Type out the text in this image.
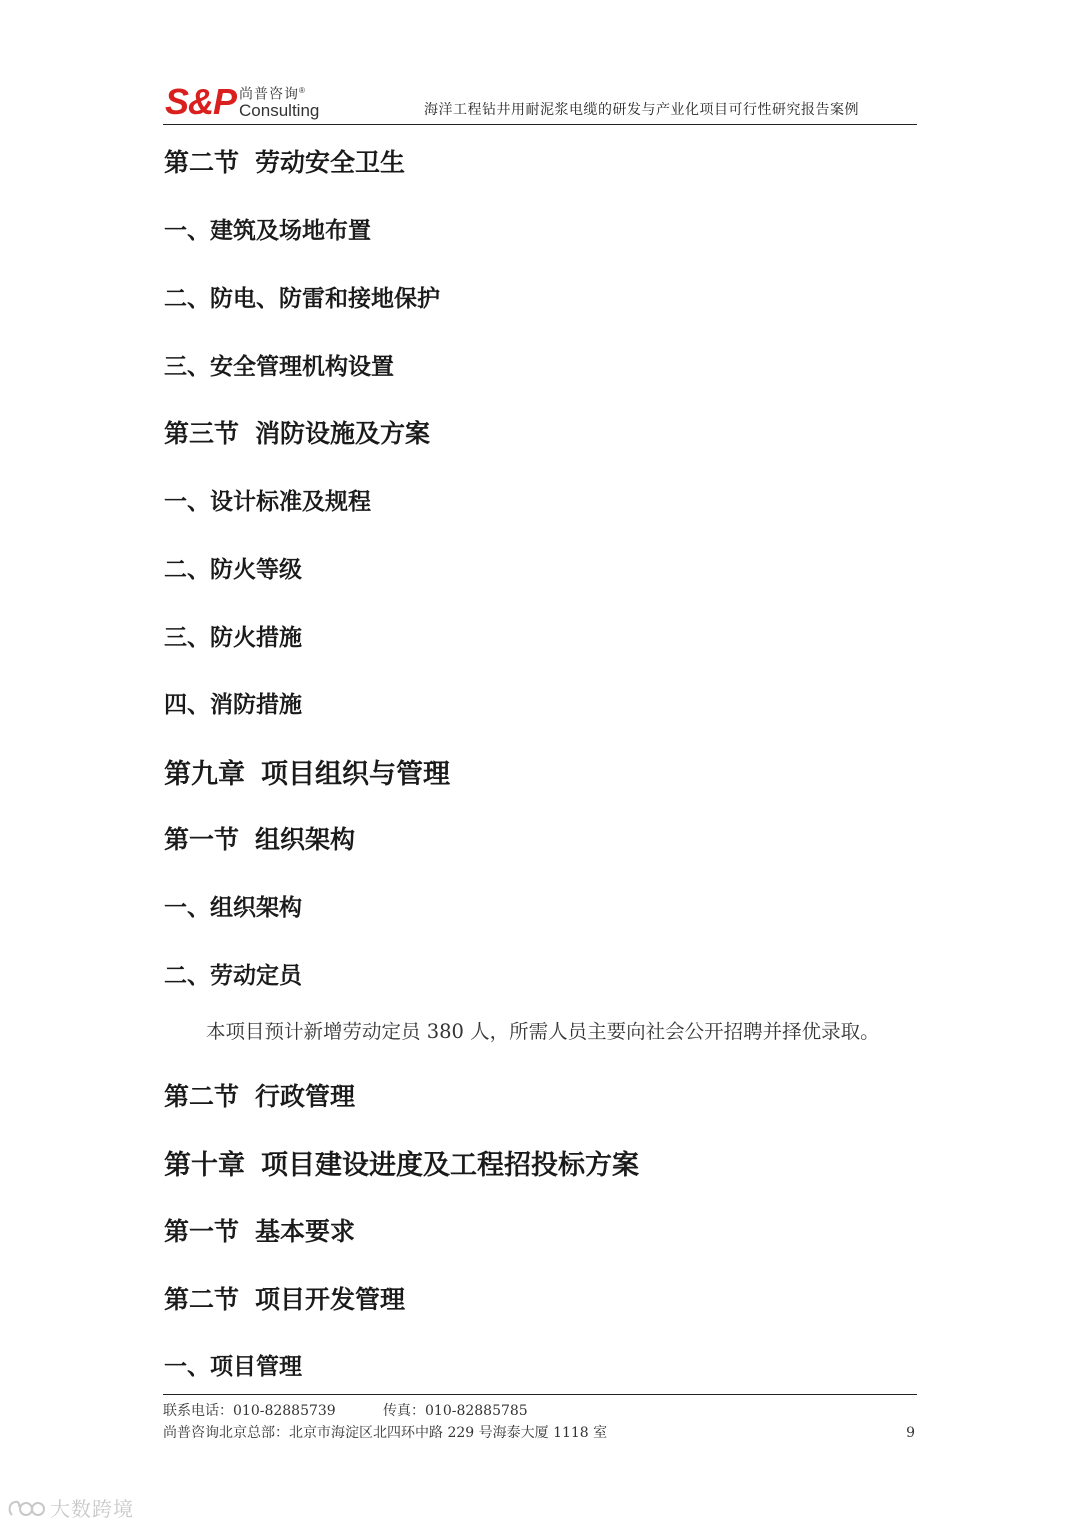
S&P 尚普咨询®
Consulting	海洋工程钻井用耐泥浆电缆的研发与产业化项目可行性研究报告案例
第二节 劳动安全卫生
一、建筑及场地布置
二、防电、防雷和接地保护
三、安全管理机构设置
第三节 消防设施及方案
一、设计标准及规程
二、防火等级
三、防火措施
四、消防措施
第九章 项目组织与管理
第一节 组织架构
一、组织架构
二、劳动定员
本项目预计新增劳动定员 380 人，所需人员主要向社会公开招聘并择优录取。
第二节 行政管理
第十章 项目建设进度及工程招投标方案
第一节 基本要求
第二节 项目开发管理
一、项目管理
联系电话：010-82885739	传真：010-82885785
尚普咨询北京总部：北京市海淀区北四环中路 229 号海泰大厦 1118 室	9
大数跨境
